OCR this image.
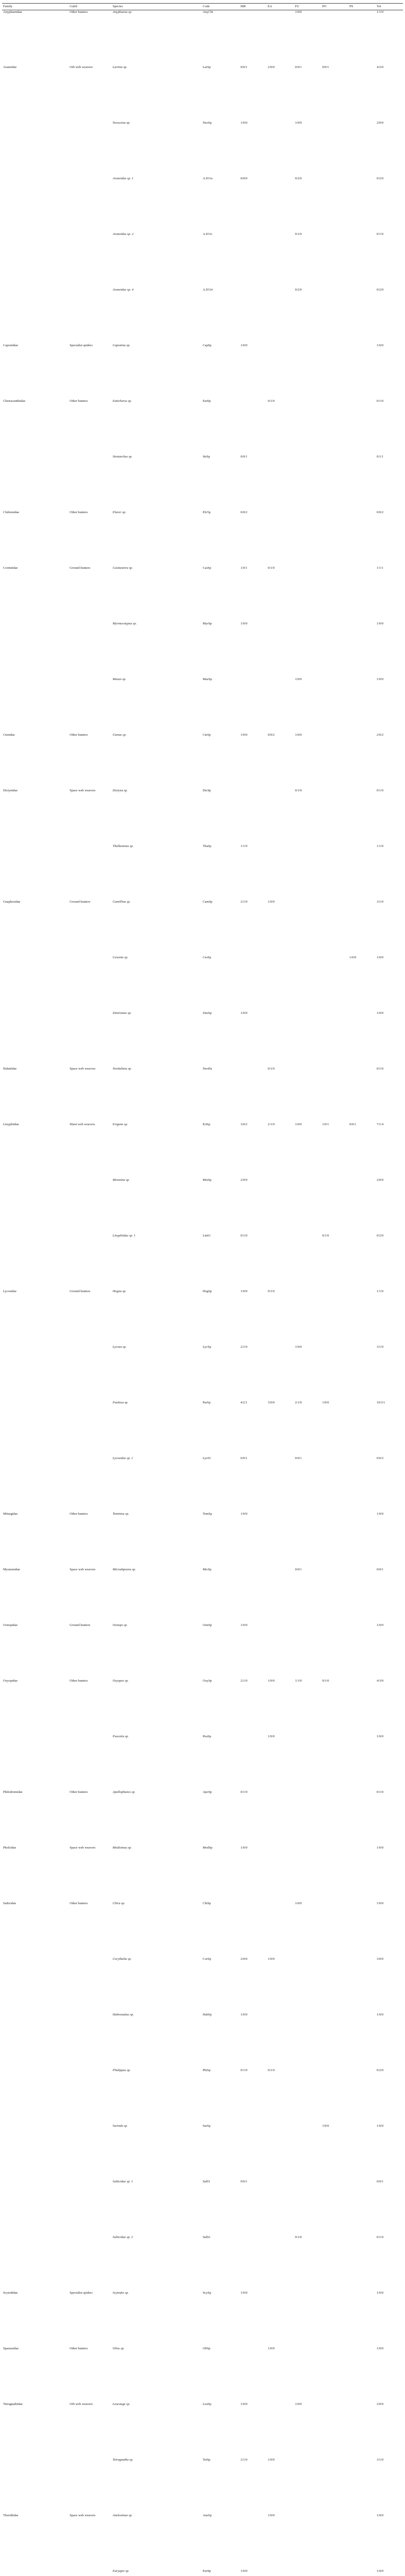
Family	Guild	Species	Code	MR	EA	FU	PO	PS	Tot
Anyphaenidae	Other hunters	Anyphaena sp.	AnyCbi			1/0/0			1/1/0
Araneidae	Orb web weavers	Larinia sp.	LarSp	0/0/1	2/0/0	0/0/1	0/0/1		4/2/0
		Neoscona sp.	NeoSp	1/0/0		1/0/0			2/0/0
		Araneidae sp. 1	A.IO1a	0/0/0		0/2/0			0/2/0
		Araneidae sp. 2	A.IO1c			0/1/0			0/1/0
		Araneidae sp. 4	A.IO14			0/2/0			0/2/0
Caponiidae	Specialist spiders	Caponina sp.	CapSp	1/0/0					1/0/0
Cheiracanthiidae	Other hunters	Eutichurus sp.	EutSp		0/1/0				0/1/0
		Strotarchus sp.	StrSp	0/0/1					0/1/1
Clubionidae	Other hunters	Elaver sp.	Elv5p	0/0/2					0/0/2
Corinnidae	Ground hunters	Castianeira sp.	CasSp	1/0/1	0/1/0				1/1/1
		Myrmecotypus sp.	MyrSp	1/0/0					1/0/0
		Mazax sp.	MazSp			1/0/0			1/0/0
Ctenidae	Other hunters	Ctenus sp.	CteSp	1/0/0	0/0/2	1/0/0			2/0/2
Dictynidae	Space web weavers	Dictyna sp.	DicSp			0/1/0			0/1/0
		Thallumetus sp.	ThaSp	1/1/0					1/1/0
Gnaphosidae	Ground hunters	Camillina sp.	CamSp	2/1/0	1/0/0				3/1/0
		Cesonia sp.	CesSp					1/0/0	1/0/0
		Zimiromus sp.	ZimSp	1/0/0					1/0/0
Hahniidae	Space web weavers	Neohahnia sp.	NeoHa		0/1/0				0/1/0
Linyphiidae	Sheet web weavers	Erigone sp.	EriSp	3/0/2	2/1/0	1/0/0	1/0/1	0/0/1	7/1/4
		Meioneta sp.	MeiSp	2/0/0					2/0/0
		Linyphiidae sp. 1	Lin01	0/1/0			0/1/0		0/2/0
Lycosidae	Ground hunters	Hogna sp.	HogSp	1/0/0	0/1/0				1/1/0
		Lycosa sp.	LycSp	2/1/0		1/0/0			3/1/0
		Pardosa sp.	ParSp	4/2/1	3/0/0	2/1/0	1/0/0		10/3/1
		Lycosidae sp. 1	Lyc01	0/0/1		0/0/1			0/0/2
Miturgidae	Other hunters	Teminius sp.	TemSp	1/0/0					1/0/0
Mysmenidae	Space web weavers	Microdipoena sp.	MicSp			0/0/1			0/0/1
Oonopidae	Ground hunters	Oonops sp.	OonSp	1/0/0					1/0/0
Oxyopidae	Other hunters	Oxyopes sp.	OxySp	2/1/0	1/0/0	1/1/0	0/1/0		4/3/0
		Peucetia sp.	PeuSp		1/0/0				1/0/0
Philodromidae	Other hunters	Apollophanes sp.	ApoSp	0/1/0					0/1/0
Pholcidae	Space web weavers	Modisimus sp.	ModSp	1/0/0					1/0/0
Salticidae	Other hunters	Chira sp.	ChiSp			1/0/0			1/0/0
		Corythalia sp.	CorSp	2/0/0	1/0/0				3/0/0
		Habronattus sp.	HabSp	1/0/0					1/0/0
		Phidippus sp.	PhiSp	0/1/0	0/1/0				0/2/0
		Sarinda sp.	SarSp				1/0/0		1/0/0
		Salticidae sp. 1	Sal01	0/0/1					0/0/1
		Salticidae sp. 2	Sal02			0/1/0			0/1/0
Scytodidae	Specialist spiders	Scytodes sp.	ScySp	1/0/0					1/0/0
Sparassidae	Other hunters	Olios sp.	OliSp		1/0/0				1/0/0
Tetragnathidae	Orb web weavers	Leucauge sp.	LeuSp	1/0/0		1/0/0			2/0/0
		Tetragnatha sp.	TetSp	2/1/0	1/0/0				3/1/0
Theridiidae	Space web weavers	Anelosimus sp.	AneSp		1/0/0				1/0/0
		Euryopis sp.	EurSp	1/0/0					1/0/0
